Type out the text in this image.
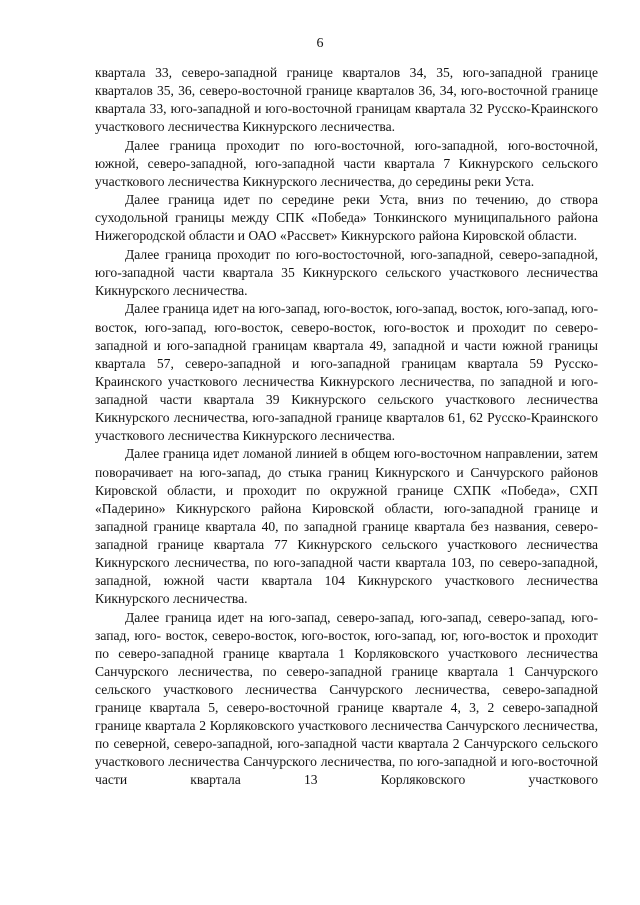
6

квартала 33, северо-западной границе кварталов 34, 35, юго-западной границе кварталов 35, 36, северо-восточной границе кварталов 36, 34, юго-восточной границе квартала 33, юго-западной и юго-восточной границам квартала 32 Русско-Краинского участкового лесничества Кикнурского лесничества.

Далее граница проходит по юго-восточной, юго-западной, юго-восточной, южной, северо-западной, юго-западной части квартала 7 Кикнурского сельского участкового лесничества Кикнурского лесничества, до середины реки Уста.

Далее граница идет по середине реки Уста, вниз по течению, до створа суходольной границы между СПК «Победа» Тонкинского муниципального района Нижегородской области и ОАО «Рассвет» Кикнурского района Кировской области.

Далее граница проходит по юго-востосточной, юго-западной, северо-западной, юго-западной части квартала 35 Кикнурского сельского участкового лесничества Кикнурского лесничества.

Далее граница идет на юго-запад, юго-восток, юго-запад, восток, юго-запад, юго-восток, юго-запад, юго-восток, северо-восток, юго-восток и проходит по северо-западной и юго-западной границам квартала 49, западной и части южной границы квартала 57, северо-западной и юго-западной границам квартала 59 Русско-Краинского участкового лесничества Кикнурского лесничества, по западной и юго-западной части квартала 39 Кикнурского сельского участкового лесничества Кикнурского лесничества, юго-западной границе кварталов 61, 62 Русско-Краинского участкового лесничества Кикнурского лесничества.

Далее граница идет ломаной линией в общем юго-восточном направлении, затем поворачивает на юго-запад, до стыка границ Кикнурского и Санчурского районов Кировской области, и проходит по окружной границе СХПК «Победа», СХП «Падерино» Кикнурского района Кировской области, юго-западной границе и западной границе квартала 40, по западной границе квартала без названия, северо-западной границе квартала 77 Кикнурского сельского участкового лесничества Кикнурского лесничества, по юго-западной части квартала 103, по северо-западной, западной, южной части квартала 104 Кикнурского участкового лесничества Кикнурского лесничества.

Далее граница идет на юго-запад, северо-запад, юго-запад, северо-запад, юго-запад, юго- восток, северо-восток, юго-восток, юго-запад, юг, юго-восток и проходит по северо-западной границе квартала 1 Корляковского участкового лесничества Санчурского лесничества, по северо-западной границе квартала 1 Санчурского сельского участкового лесничества Санчурского лесничества, северо-западной границе квартала 5, северо-восточной границе квартале 4, 3, 2 северо-западной границе квартала 2 Корляковского участкового лесничества Санчурского лесничества, по северной, северо-западной, юго-западной части квартала 2 Санчурского сельского участкового лесничества Санчурского лесничества, по юго-западной и юго-восточной части квартала 13 Корляковского участкового
